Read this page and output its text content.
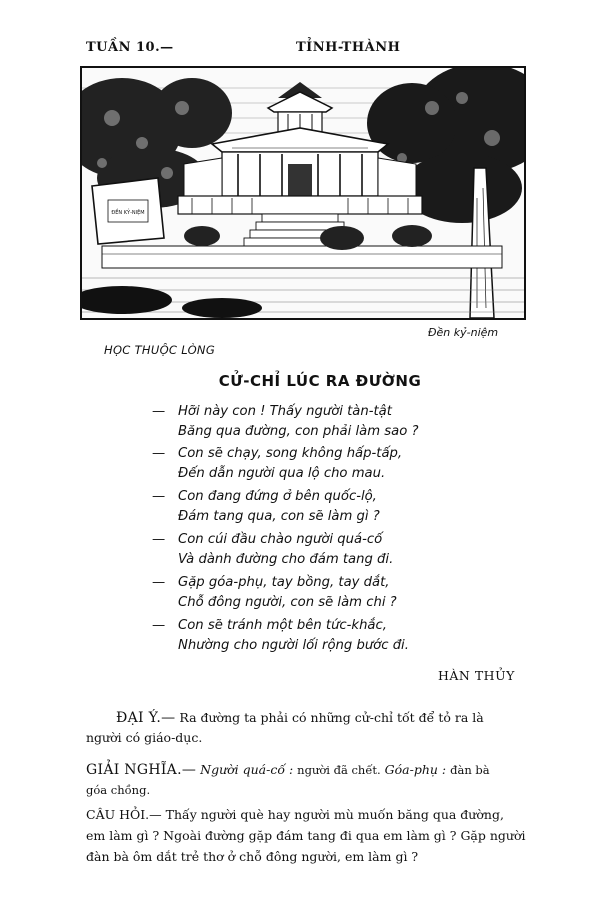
TUẦN 10.—	TỈNH-THÀNH
ĐỀN KỶ-NIỆM
Đền kỷ-niệm
HỌC THUỘC LÒNG
CỬ-CHỈ LÚC RA ĐƯỜNG
— Hỡi này con ! Thấy người tàn-tật
Băng qua đường, con phải làm sao ?
— Con sẽ chạy, song không hấp-tấp,
Đến dẫn người qua lộ cho mau.
— Con đang đứng ở bên quốc-lộ,
Đám tang qua, con sẽ làm gì ?
— Con cúi đầu chào người quá-cố
Và dành đường cho đám tang đi.
— Gặp góa-phụ, tay bồng, tay dắt,
Chỗ đông người, con sẽ làm chi ?
— Con sẽ tránh một bên tức-khắc,
Nhường cho người lối rộng bước đi.
HÀN THỦY
ĐẠI Ý.— Ra đường ta phải có những cử-chỉ tốt để tỏ ra là
người có giáo-dục.
GIẢI NGHĨA.— Người quá-cố : người đã chết. Góa-phụ : đàn bà
góa chồng.
CÂU HỎI.— Thấy người què hay người mù muốn băng qua đường,
em làm gì ? Ngoài đường gặp đám tang đi qua em làm gì ? Gặp người
đàn bà ôm dắt trẻ thơ ở chỗ đông người, em làm gì ?
